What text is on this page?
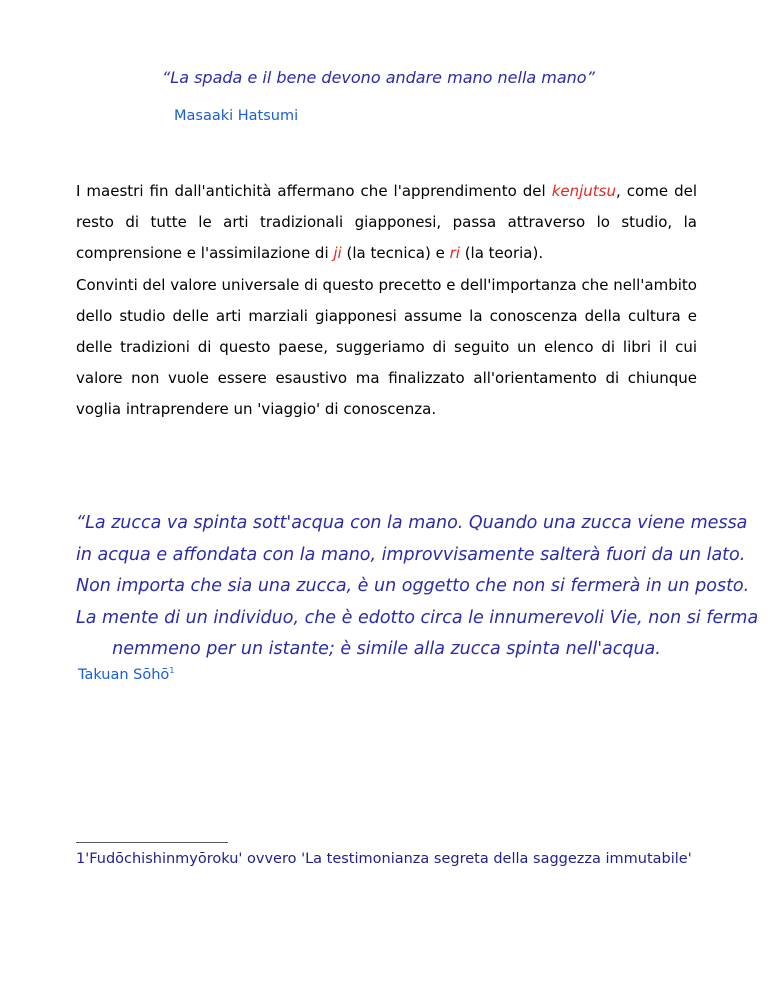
“La spada e il bene devono andare mano nella mano”
Masaaki Hatsumi

I maestri fin dall'antichità affermano che l'apprendimento del kenjutsu, come del resto di tutte le arti tradizionali giapponesi, passa attraverso lo studio, la comprensione e l'assimilazione di ji (la tecnica) e ri (la teoria).

Convinti del valore universale di questo precetto e dell'importanza che nell'ambito dello studio delle arti marziali giapponesi assume la conoscenza della cultura e delle tradizioni di questo paese, suggeriamo di seguito un elenco di libri il cui valore non vuole essere esaustivo ma finalizzato all'orientamento di chiunque voglia intraprendere un 'viaggio' di conoscenza.

“La zucca va spinta sott'acqua con la mano. Quando una zucca viene messa
in acqua e affondata con la mano, improvvisamente salterà fuori da un lato.
Non importa che sia una zucca, è un oggetto che non si fermerà in un posto.
La mente di un individuo, che è edotto circa le innumerevoli Vie, non si ferma
nemmeno per un istante; è simile alla zucca spinta nell'acqua.
Takuan Sōhō$^1$
1'Fudōchishinmyōroku' ovvero 'La testimonianza segreta della saggezza immutabile'
